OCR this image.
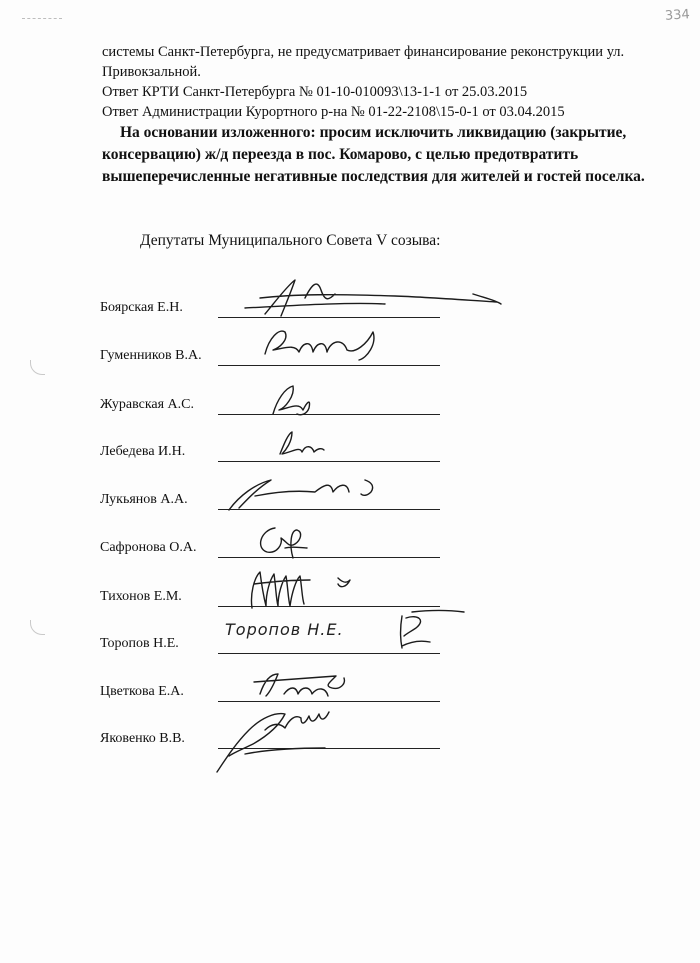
334

системы Санкт-Петербурга, не предусматривает финансирование реконструкции ул. Привокзальной.

Ответ КРТИ Санкт-Петербурга № 01-10-010093\13-1-1 от 25.03.2015

Ответ Администрации Курортного р-на № 01-22-2108\15-0-1 от 03.04.2015

На основании изложенного: просим исключить ликвидацию (закрытие, консервацию) ж/д переезда в пос. Комарово, с целью предотвратить вышеперечисленные негативные последствия для жителей и гостей поселка.
Депутаты Муниципального Совета V созыва:
Боярская Е.Н.
Гуменников В.А.
Журавская А.С.
Лебедева И.Н.
Лукьянов А.А.
Сафронова О.А.
Тихонов Е.М.
Торопов Н.Е.
Цветкова Е.А.
Яковенко В.В.
Торопов Н.Е.
